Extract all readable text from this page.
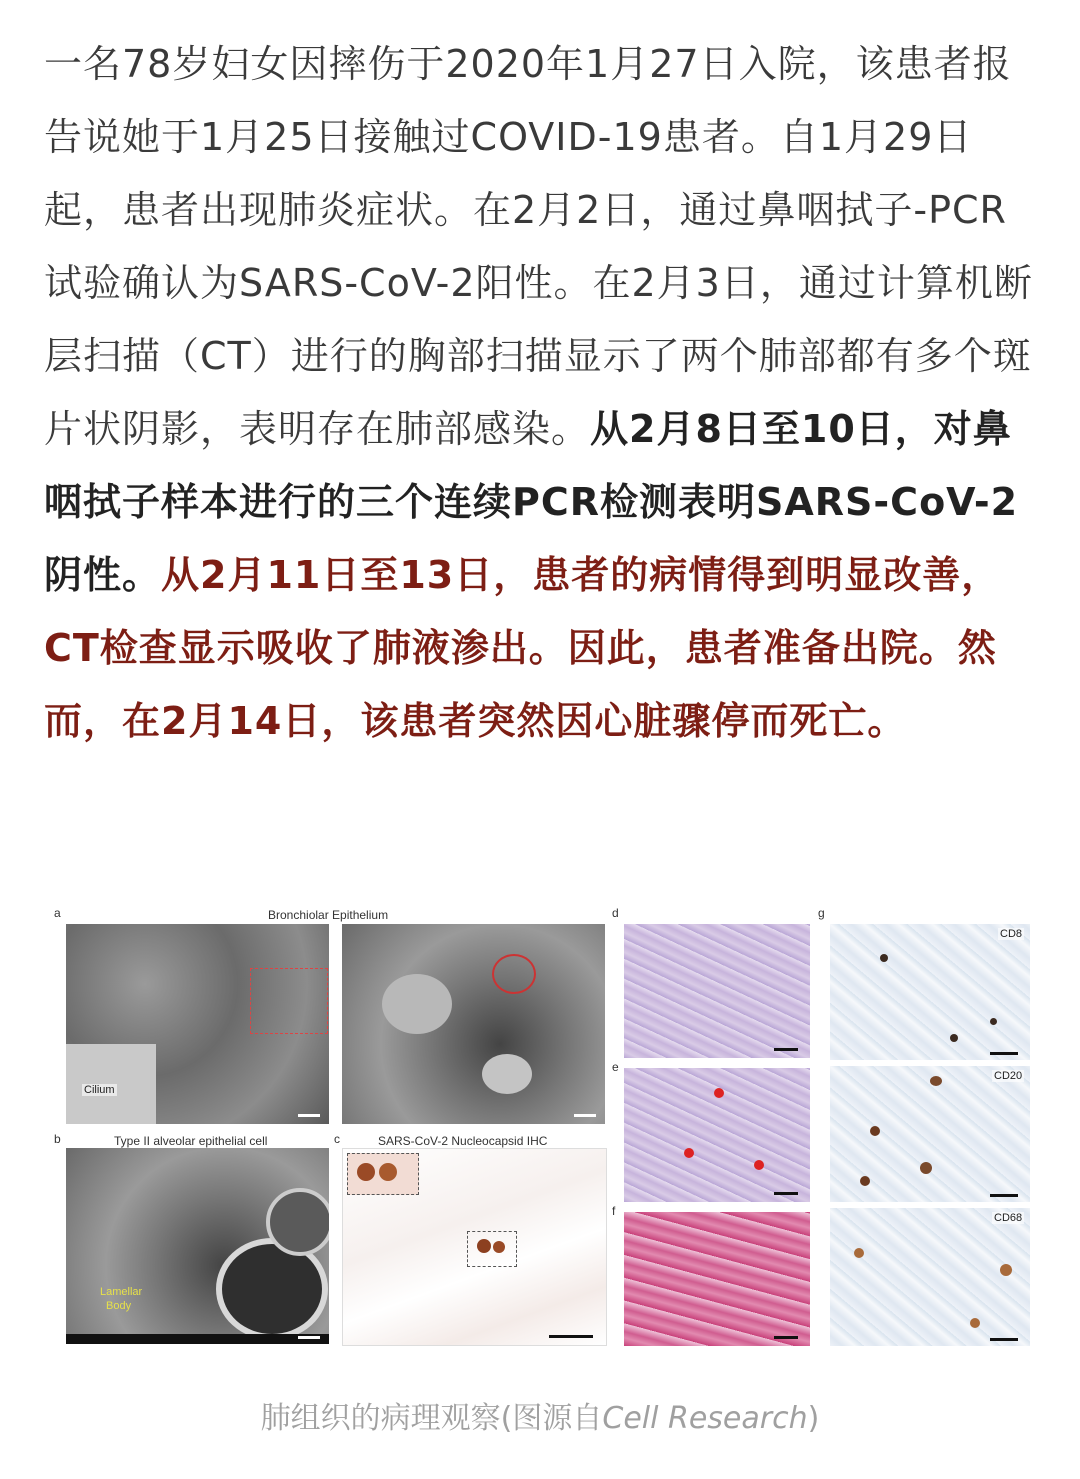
一名78岁妇女因摔伤于2020年1月27日入院，该患者报告说她于1月25日接触过COVID-19患者。自1月29日起，患者出现肺炎症状。在2月2日，通过鼻咽拭子-PCR试验确认为SARS-CoV-2阳性。在2月3日，通过计算机断层扫描（CT）进行的胸部扫描显示了两个肺部都有多个斑片状阴影，表明存在肺部感染。从2月8日至10日，对鼻咽拭子样本进行的三个连续PCR检测表明SARS-CoV-2阴性。从2月11日至13日，患者的病情得到明显改善，CT检查显示吸收了肺液渗出。因此，患者准备出院。然而，在2月14日，该患者突然因心脏骤停而死亡。
a	Bronchiolar Epithelium
Cilium
b	Type II alveolar epithelial cell
Lamellar
Body
c	SARS-CoV-2 Nucleocapsid IHC
d
e
f
g
CD8
CD20
CD68
肺组织的病理观察(图源自Cell Research)
